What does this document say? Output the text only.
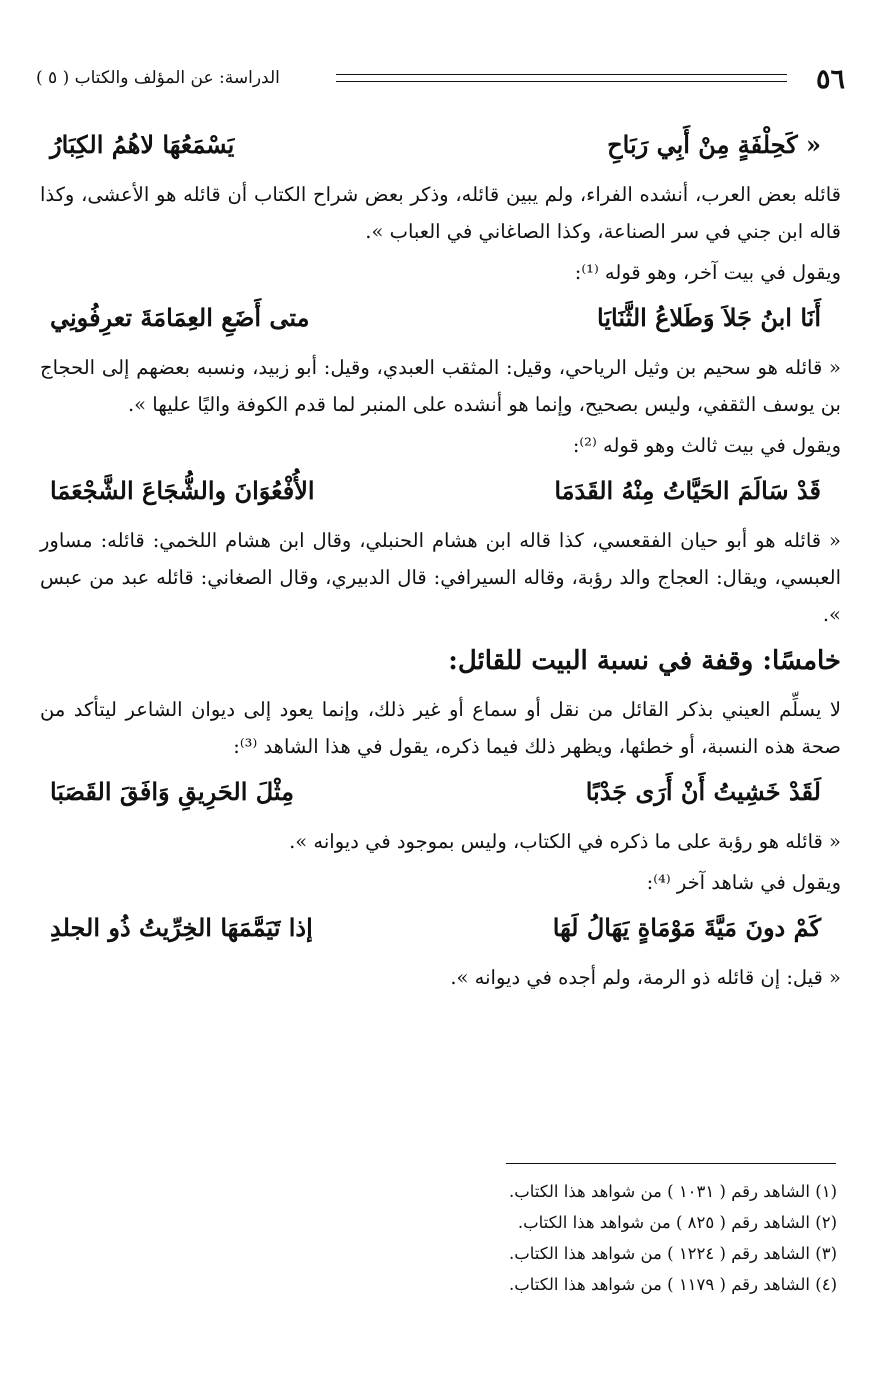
٥٦
الدراسة: عن المؤلف والكتاب ( ٥ )
« كَحِلْفَةٍ مِنْ أَبِي رَبَاحِ
يَسْمَعُهَا لاهُمُ الكِبَارُ

قائله بعض العرب، أنشده الفراء، ولم يبين قائله، وذكر بعض شراح الكتاب أن قائله هو الأعشى، وكذا قاله ابن جني في سر الصناعة، وكذا الصاغاني في العباب ».

ويقول في بيت آخر، وهو قوله ⁽¹⁾:

أَنَا ابنُ جَلاَ وَطَلاعُ الثَّنَايَا
متى أَضَعِ العِمَامَةَ تعرِفُونِي

« قائله هو سحيم بن وثيل الرياحي، وقيل: المثقب العبدي، وقيل: أبو زبيد، ونسبه بعضهم إلى الحجاج بن يوسف الثقفي، وليس بصحيح، وإنما هو أنشده على المنبر لما قدم الكوفة واليًا عليها ».

ويقول في بيت ثالث وهو قوله ⁽²⁾:

قَدْ سَالَمَ الحَيَّاتُ مِنْهُ القَدَمَا
الأُفْعُوَانَ والشُّجَاعَ الشَّجْعَمَا

« قائله هو أبو حيان الفقعسي، كذا قاله ابن هشام الحنبلي، وقال ابن هشام اللخمي: قائله: مساور العبسي، ويقال: العجاج والد رؤبة، وقاله السيرافي: قال الدبيري، وقال الصغاني: قائله عبد من عبس ».

خامسًا: وقفة في نسبة البيت للقائل:

لا يسلِّم العيني بذكر القائل من نقل أو سماع أو غير ذلك، وإنما يعود إلى ديوان الشاعر ليتأكد من صحة هذه النسبة، أو خطئها، ويظهر ذلك فيما ذكره، يقول في هذا الشاهد ⁽³⁾:

لَقَدْ خَشِيتُ أَنْ أَرَى جَدْبًا
مِثْلَ الحَرِيقِ وَافَقَ القَصَبَا

« قائله هو رؤبة على ما ذكره في الكتاب، وليس بموجود في ديوانه ».

ويقول في شاهد آخر ⁽⁴⁾:

كَمْ دونَ مَيَّةَ مَوْمَاةٍ يَهَالُ لَهَا
إذا تَيَمَّمَهَا الخِرِّيتُ ذُو الجلدِ

« قيل: إن قائله ذو الرمة، ولم أجده في ديوانه ».

(١) الشاهد رقم ( ١٠٣١ ) من شواهد هذا الكتاب.
(٢) الشاهد رقم ( ٨٢٥ ) من شواهد هذا الكتاب.
(٣) الشاهد رقم ( ١٢٢٤ ) من شواهد هذا الكتاب.
(٤) الشاهد رقم ( ١١٧٩ ) من شواهد هذا الكتاب.
